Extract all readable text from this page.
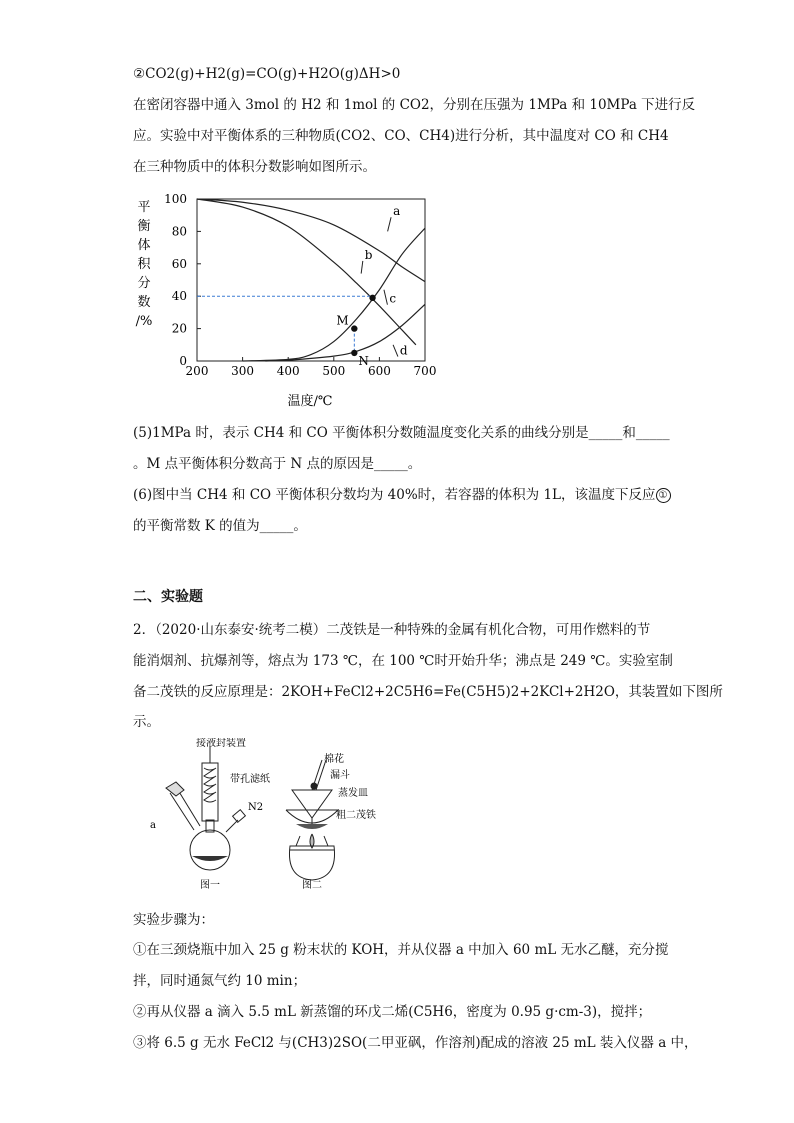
②CO2(g)+H2(g)=CO(g)+H2O(g)ΔH>0
在密闭容器中通入 3mol 的 H2 和 1mol 的 CO2，分别在压强为 1MPa 和 10MPa 下进行反
应。实验中对平衡体系的三种物质(CO2、CO、CH4)进行分析，其中温度对 CO 和 CH4
在三种物质中的体积分数影响如图所示。
平
衡
体
积
分
数
/%
200 300 400 500 600 700
0
20
40
60
80
100
a
b
c
d
M
N
温度/℃
(5)1MPa 时，表示 CH4 和 CO 平衡体积分数随温度变化关系的曲线分别是_____和_____
。M 点平衡体积分数高于 N 点的原因是_____。
(6)图中当 CH4 和 CO 平衡体积分数均为 40%时，若容器的体积为 1L，该温度下反应 ①
的平衡常数 K 的值为_____。
二、实验题
2．（2020·山东泰安·统考二模）二茂铁是一种特殊的金属有机化合物，可用作燃料的节
能消烟剂、抗爆剂等，熔点为 173 ℃，在 100 ℃时开始升华；沸点是 249 ℃。实验室制
备二茂铁的反应原理是：2KOH+FeCl2+2C5H6=Fe(C5H5)2+2KCl+2H2O，其装置如下图所
示。
接液封装置
a
N2
图一
带孔滤纸
棉花
漏斗
蒸发皿
粗二茂铁
图二
实验步骤为：
①在三颈烧瓶中加入 25 g 粉末状的 KOH，并从仪器 a 中加入 60 mL 无水乙醚，充分搅
拌，同时通氮气约 10 min；
②再从仪器 a 滴入 5.5 mL 新蒸馏的环戊二烯(C5H6，密度为 0.95 g·cm-3)，搅拌；
③将 6.5 g 无水 FeCl2 与(CH3)2SO(二甲亚砜，作溶剂)配成的溶液 25 mL 装入仪器 a 中，
